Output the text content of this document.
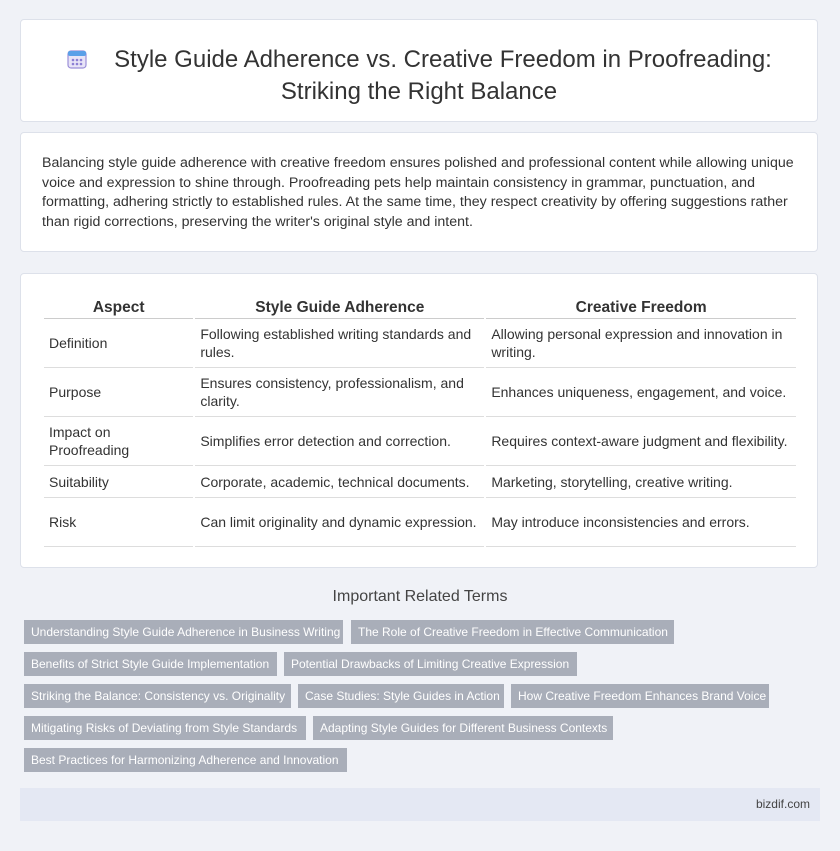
Style Guide Adherence vs. Creative Freedom in Proofreading:
Striking the Right Balance

Balancing style guide adherence with creative freedom ensures polished and professional content while allowing unique voice and expression to shine through. Proofreading pets help maintain consistency in grammar, punctuation, and formatting, adhering strictly to established rules. At the same time, they respect creativity by offering suggestions rather than rigid corrections, preserving the writer's original style and intent.

Aspect	Style Guide Adherence	Creative Freedom
Definition	Following established writing standards and rules.	Allowing personal expression and innovation in writing.
Purpose	Ensures consistency, professionalism, and clarity.	Enhances uniqueness, engagement, and voice.
Impact on Proofreading	Simplifies error detection and correction.	Requires context-aware judgment and flexibility.
Suitability	Corporate, academic, technical documents.	Marketing, storytelling, creative writing.
Risk	Can limit originality and dynamic expression.	May introduce inconsistencies and errors.
Important Related Terms
Understanding Style Guide Adherence in Business Writing	The Role of Creative Freedom in Effective Communication
Benefits of Strict Style Guide Implementation	Potential Drawbacks of Limiting Creative Expression
Striking the Balance: Consistency vs. Originality	Case Studies: Style Guides in Action	How Creative Freedom Enhances Brand Voice
Mitigating Risks of Deviating from Style Standards	Adapting Style Guides for Different Business Contexts
Best Practices for Harmonizing Adherence and Innovation
bizdif.com
